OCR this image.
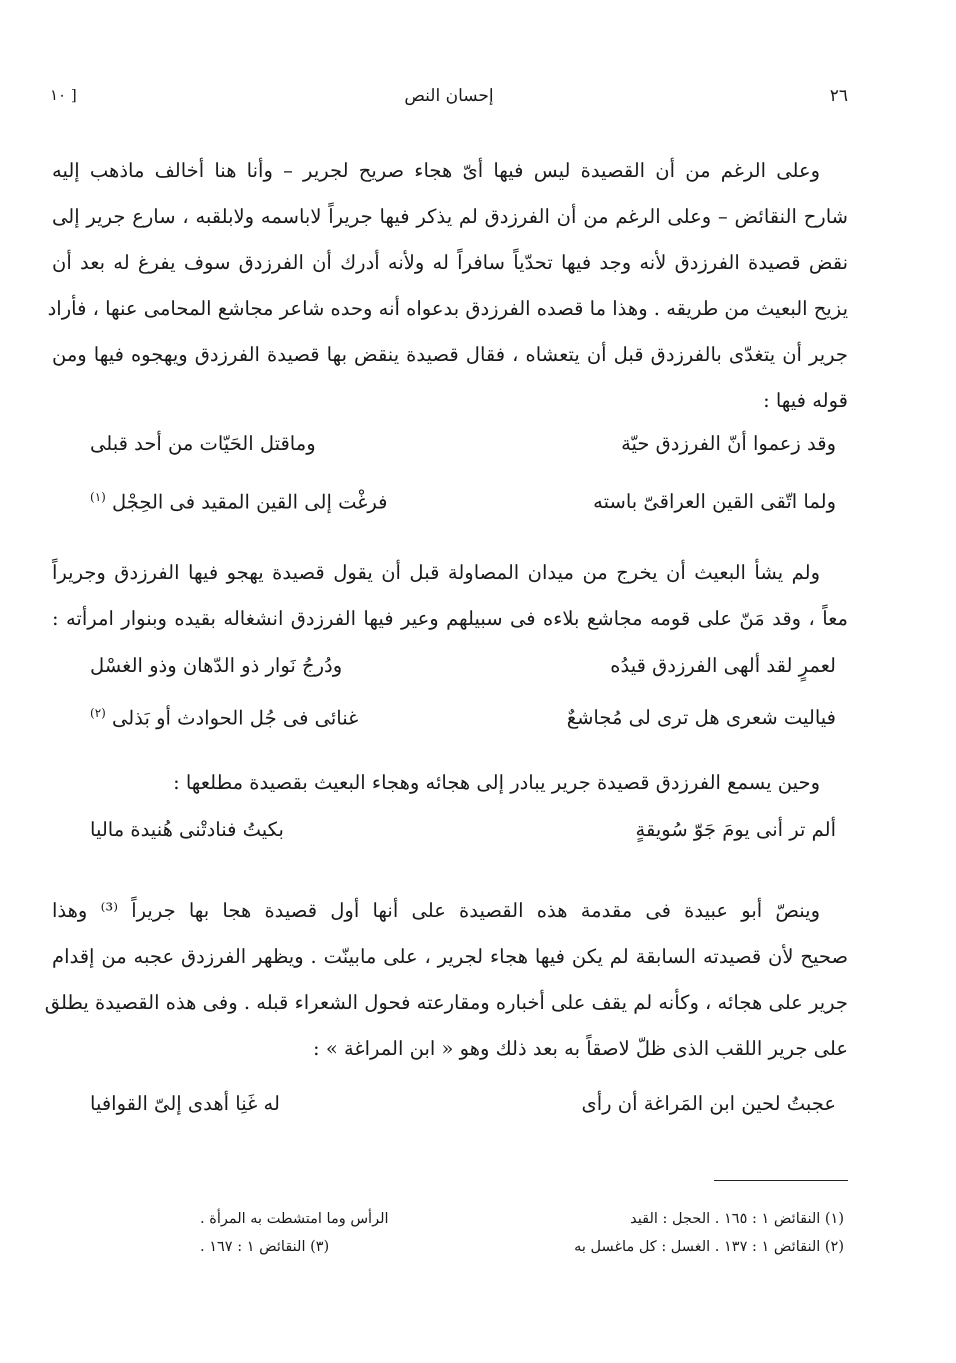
٢٦
إحسان النص
[ ١٠
وعلى الرغم من أن القصيدة ليس فيها أىّ هجاء صريح لجرير – وأنا هنا أخالف ماذهب إليه
شارح النقائض – وعلى الرغم من أن الفرزدق لم يذكر فيها جريراً لاباسمه ولابلقبه ، سارع جرير إلى
نقض قصيدة الفرزدق لأنه وجد فيها تحدّياً سافراً له ولأنه أدرك أن الفرزدق سوف يفرغ له بعد أن
يزيح البعيث من طريقه . وهذا ما قصده الفرزدق بدعواه أنه وحده شاعر مجاشع المحامى عنها ، فأراد
جرير أن يتغدّى بالفرزدق قبل أن يتعشاه ، فقال قصيدة ينقض بها قصيدة الفرزدق ويهجوه فيها ومن
قوله فيها :
وقد زعموا أنّ الفرزدق حيّة
وماقتل الحَيّات من أحد قبلى
ولما اتّقى القين العراقىّ باسته
فرغْت إلى القين المقيد فى الحِجْل $^{(١)}$
ولم يشأ البعيث أن يخرج من ميدان المصاولة قبل أن يقول قصيدة يهجو فيها الفرزدق وجريراً
معاً ، وقد مَنّ على قومه مجاشع بلاءه فى سبيلهم وعير فيها الفرزدق انشغاله بقيده وبنوار امرأته :
لعمرٍ لقد ألهى الفرزدق قيدُه
ودُرجُ نَوار ذو الدّهان وذو الغسْل
فياليت شعرى هل ترى لى مُجاشعٌ
غنائى فى جُل الحوادث أو بَذلى $^{(٢)}$
وحين يسمع الفرزدق قصيدة جرير يبادر إلى هجائه وهجاء البعيث بقصيدة مطلعها :
ألم تر أنى يومَ جَوّ سُويقةٍ
بكيتُ فنادتْنى هُنيدة ماليا
وينصّ أبو عبيدة فى مقدمة هذه القصيدة على أنها أول قصيدة هجا بها جريراً ⁽³⁾ وهذا
صحيح لأن قصيدته السابقة لم يكن فيها هجاء لجرير ، على مابينّت . ويظهر الفرزدق عجبه من إقدام
جرير على هجائه ، وكأنه لم يقف على أخباره ومقارعته فحول الشعراء قبله . وفى هذه القصيدة يطلق
على جرير اللقب الذى ظلّ لاصقاً به بعد ذلك وهو « ابن المراغة » :
عجبتُ لحين ابن المَراغة أن رأى
له غَنِا أهدى إلىّ القوافيا
(١) النقائض ١ : ١٦٥ . الحجل : القيد
الرأس وما امتشطت به المرأة .
(٢) النقائض ١ : ١٣٧ . الغسل : كل ماغسل به
(٣) النقائض ١ : ١٦٧ .
